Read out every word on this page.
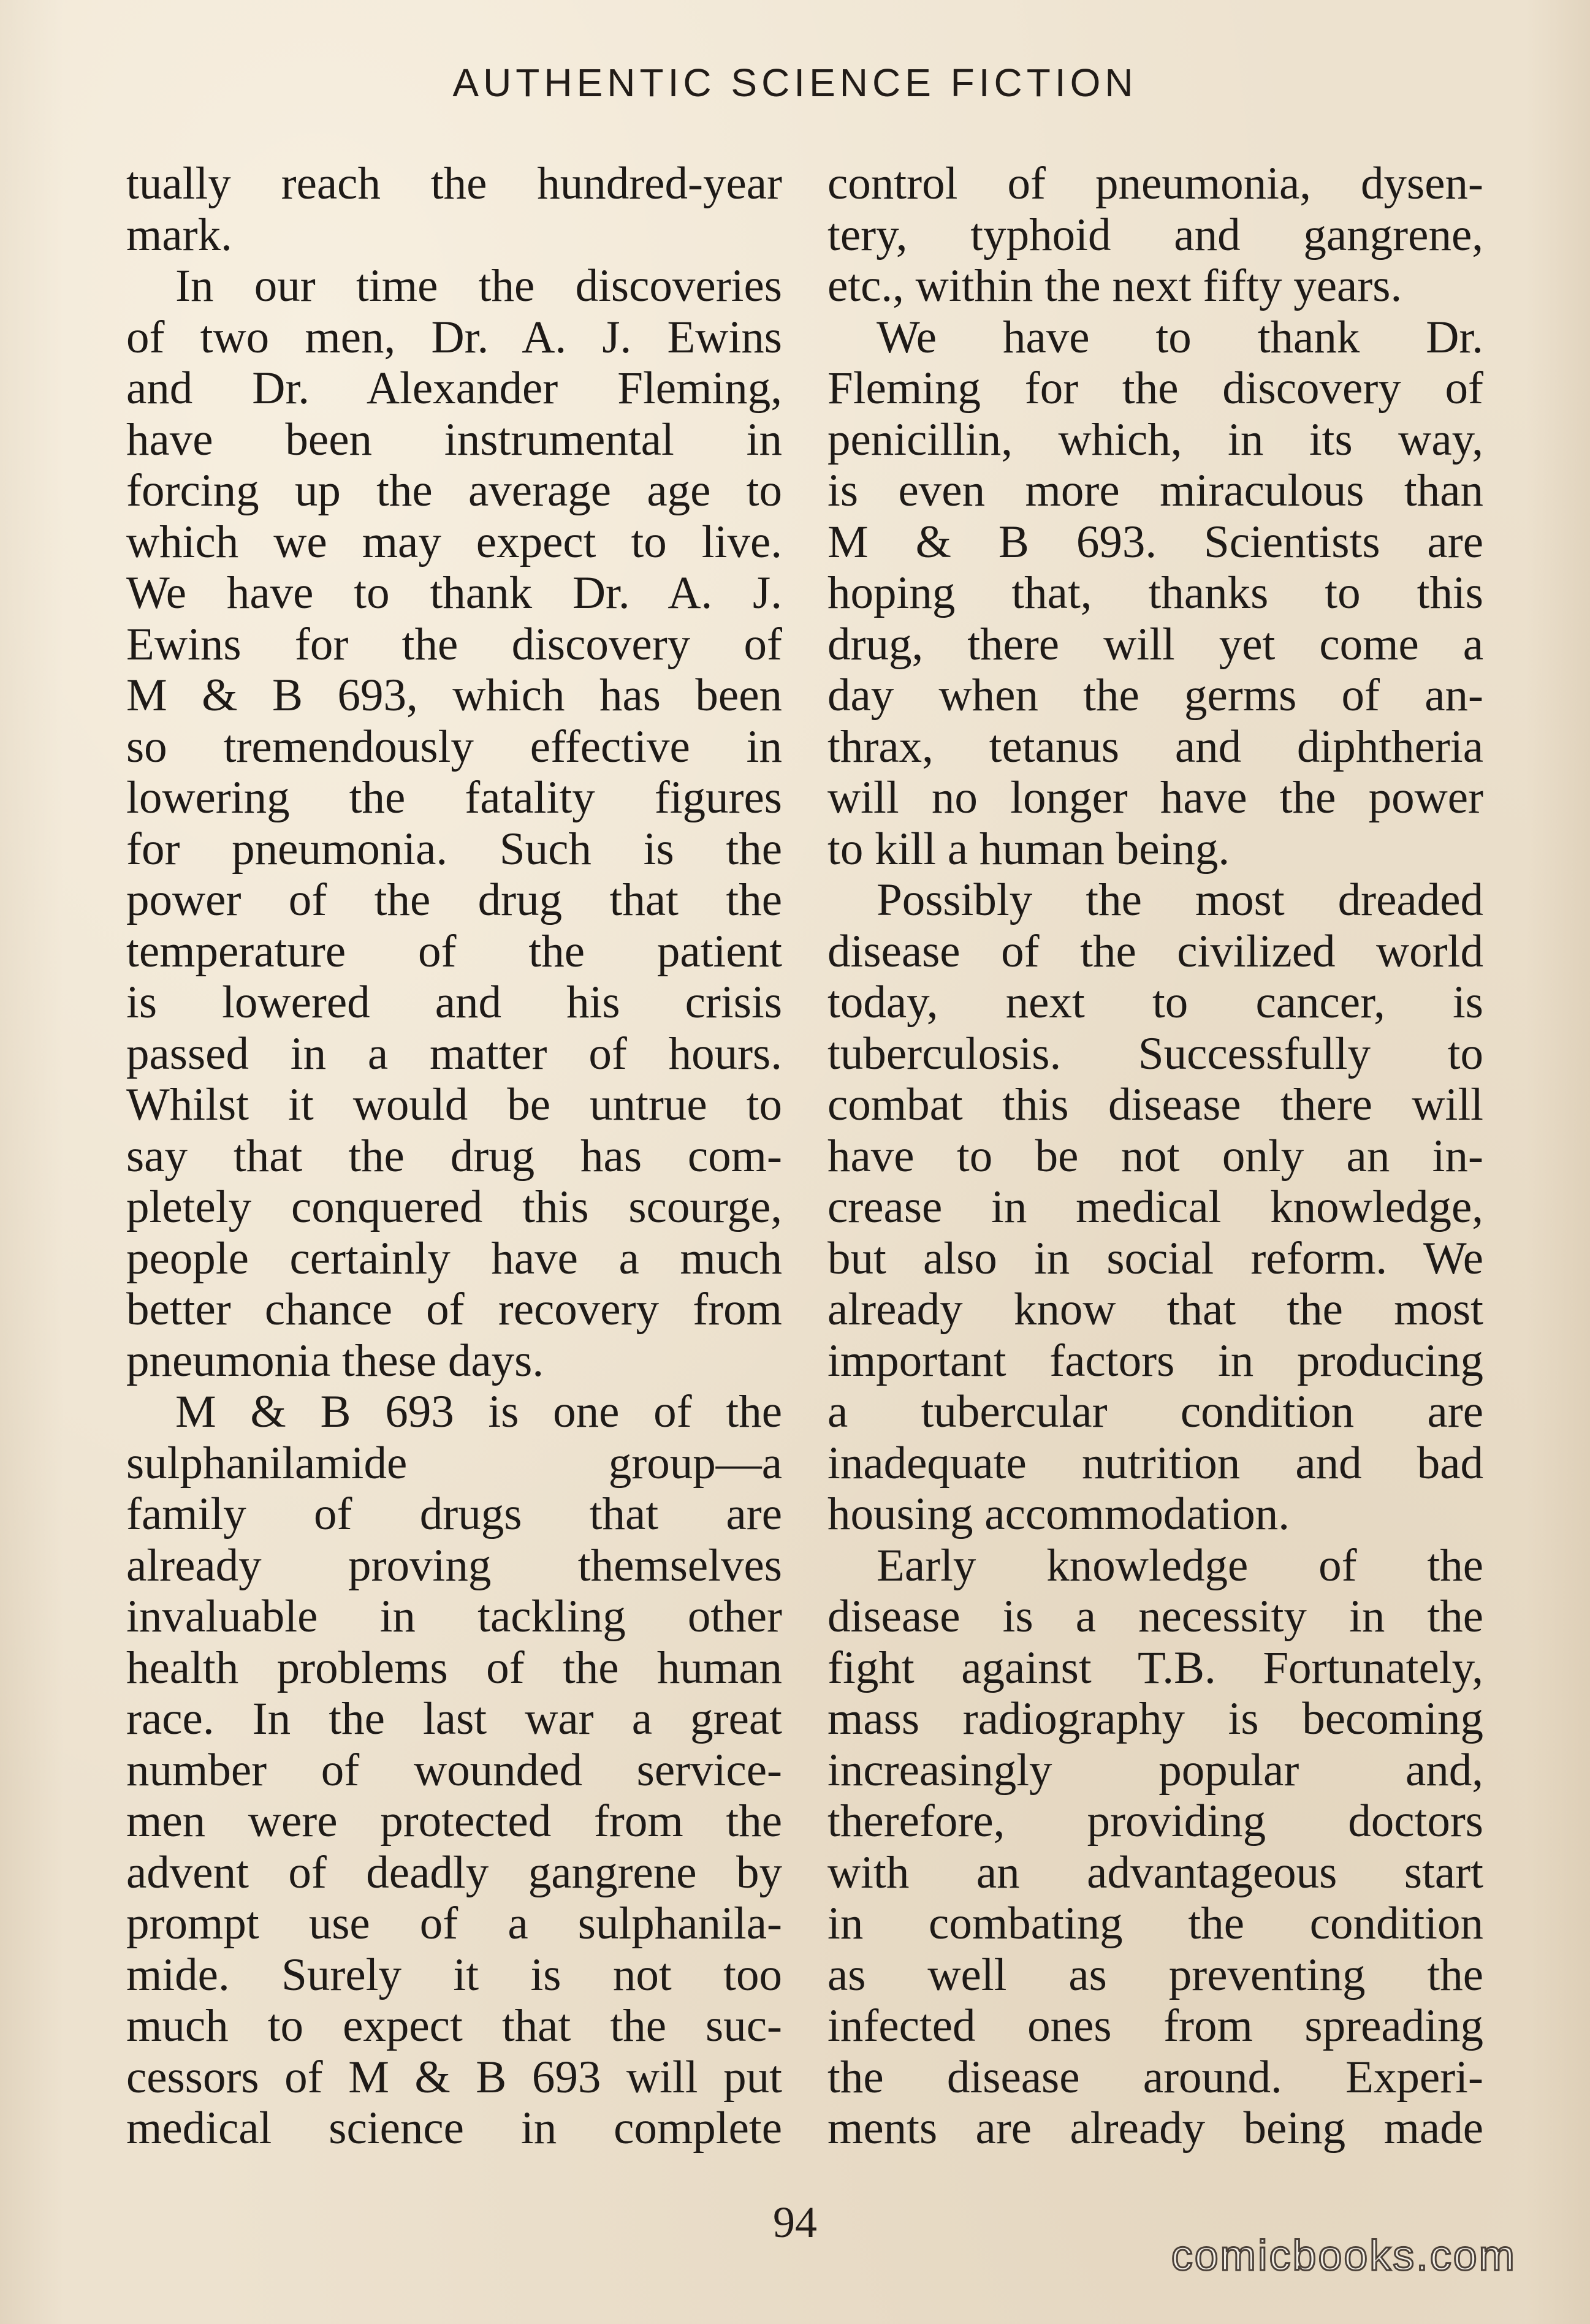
AUTHENTIC SCIENCE FICTION
tually reach the hundred-year
mark.
In our time the discoveries
of two men, Dr. A. J. Ewins
and Dr. Alexander Fleming,
have been instrumental in
forcing up the average age to
which we may expect to live.
We have to thank Dr. A. J.
Ewins for the discovery of
M & B 693, which has been
so tremendously effective in
lowering the fatality figures
for pneumonia. Such is the
power of the drug that the
temperature of the patient
is lowered and his crisis
passed in a matter of hours.
Whilst it would be untrue to
say that the drug has com-
pletely conquered this scourge,
people certainly have a much
better chance of recovery from
pneumonia these days.
M & B 693 is one of the
sulphanilamide group—a
family of drugs that are
already proving themselves
invaluable in tackling other
health problems of the human
race. In the last war a great
number of wounded service-
men were protected from the
advent of deadly gangrene by
prompt use of a sulphanila-
mide. Surely it is not too
much to expect that the suc-
cessors of M & B 693 will put
medical science in complete
control of pneumonia, dysen-
tery, typhoid and gangrene,
etc., within the next fifty years.
We have to thank Dr.
Fleming for the discovery of
penicillin, which, in its way,
is even more miraculous than
M & B 693. Scientists are
hoping that, thanks to this
drug, there will yet come a
day when the germs of an-
thrax, tetanus and diphtheria
will no longer have the power
to kill a human being.
Possibly the most dreaded
disease of the civilized world
today, next to cancer, is
tuberculosis. Successfully to
combat this disease there will
have to be not only an in-
crease in medical knowledge,
but also in social reform. We
already know that the most
important factors in producing
a tubercular condition are
inadequate nutrition and bad
housing accommodation.
Early knowledge of the
disease is a necessity in the
fight against T.B. Fortunately,
mass radiography is becoming
increasingly popular and,
therefore, providing doctors
with an advantageous start
in combating the condition
as well as preventing the
infected ones from spreading
the disease around. Experi-
ments are already being made
94
comicbooks.com
